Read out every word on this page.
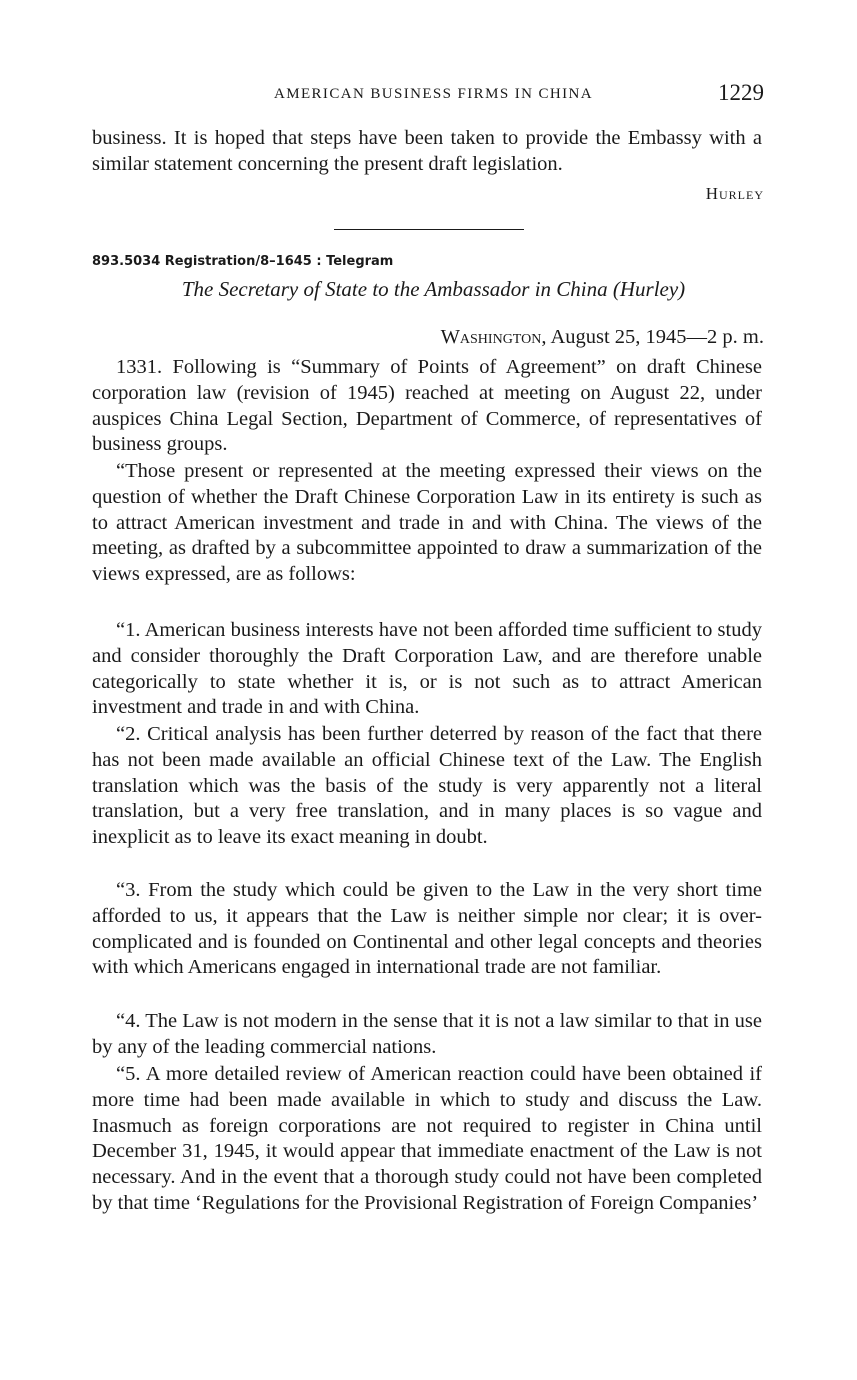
AMERICAN BUSINESS FIRMS IN CHINA	1229

business. It is hoped that steps have been taken to provide the Embassy with a similar statement concerning the present draft legislation.

Hurley
893.5034 Registration/8–1645 : Telegram
The Secretary of State to the Ambassador in China (Hurley)
Washington, August 25, 1945—2 p. m.

1331. Following is “Summary of Points of Agreement” on draft Chinese corporation law (revision of 1945) reached at meeting on August 22, under auspices China Legal Section, Department of Commerce, of representatives of business groups.

“Those present or represented at the meeting expressed their views on the question of whether the Draft Chinese Corporation Law in its entirety is such as to attract American investment and trade in and with China. The views of the meeting, as drafted by a subcommittee appointed to draw a summarization of the views expressed, are as follows:

“1. American business interests have not been afforded time sufficient to study and consider thoroughly the Draft Corporation Law, and are therefore unable categorically to state whether it is, or is not such as to attract American investment and trade in and with China.

“2. Critical analysis has been further deterred by reason of the fact that there has not been made available an official Chinese text of the Law. The English translation which was the basis of the study is very apparently not a literal translation, but a very free translation, and in many places is so vague and inexplicit as to leave its exact meaning in doubt.

“3. From the study which could be given to the Law in the very short time afforded to us, it appears that the Law is neither simple nor clear; it is over-complicated and is founded on Continental and other legal concepts and theories with which Americans engaged in international trade are not familiar.

“4. The Law is not modern in the sense that it is not a law similar to that in use by any of the leading commercial nations.

“5. A more detailed review of American reaction could have been obtained if more time had been made available in which to study and discuss the Law. Inasmuch as foreign corporations are not required to register in China until December 31, 1945, it would appear that immediate enactment of the Law is not necessary. And in the event that a thorough study could not have been completed by that time ‘Regulations for the Provisional Registration of Foreign Companies’
